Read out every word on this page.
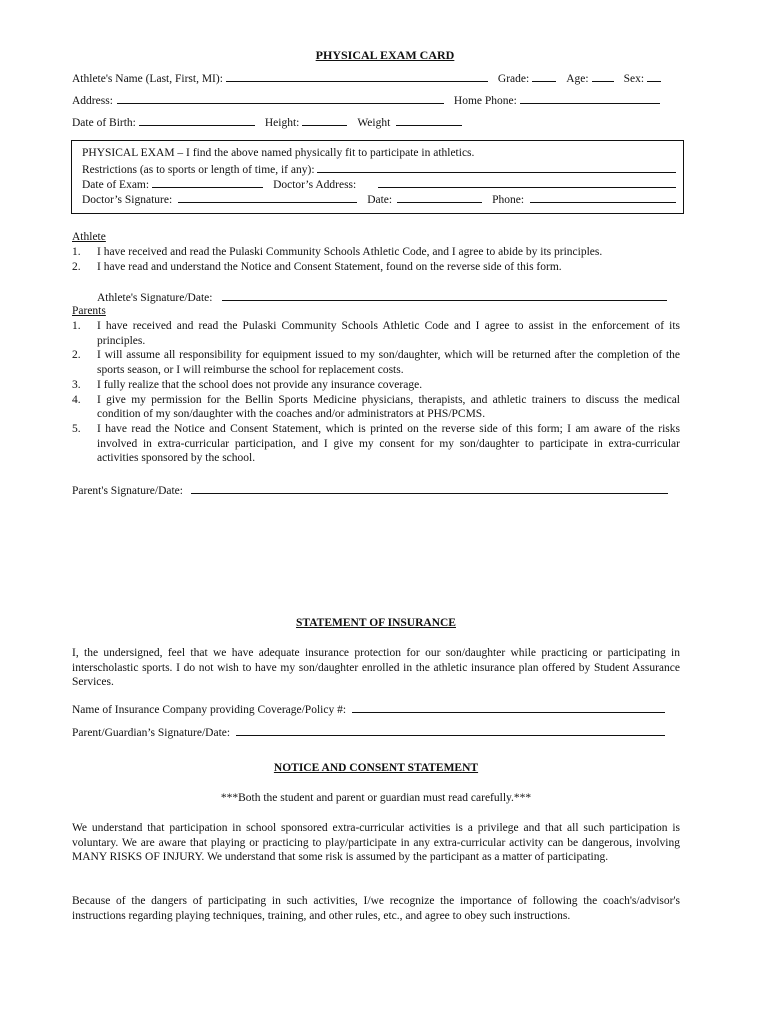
PHYSICAL EXAM CARD
Athlete's Name (Last, First, MI):	Grade:	Age:	Sex:
Address:	Home Phone:
Date of Birth:	Height:	Weight
PHYSICAL EXAM – I find the above named physically fit to participate in athletics.
Restrictions (as to sports or length of time, if any):
Date of Exam:	Doctor’s Address:
Doctor’s Signature:	Date:	Phone:
Athlete
1.	I have received and read the Pulaski Community Schools Athletic Code, and I agree to abide by its principles.
2.	I have read and understand the Notice and Consent Statement, found on the reverse side of this form.
Athlete's Signature/Date:
Parents
1.	I have received and read the Pulaski Community Schools Athletic Code and I agree to assist in the enforcement of its principles.
2.	I will assume all responsibility for equipment issued to my son/daughter, which will be returned after the completion of the sports season, or I will reimburse the school for replacement costs.
3.	I fully realize that the school does not provide any insurance coverage.
4.	I give my permission for the Bellin Sports Medicine physicians, therapists, and athletic trainers to discuss the medical condition of my son/daughter with the coaches and/or administrators at PHS/PCMS.
5.	I have read the Notice and Consent Statement, which is printed on the reverse side of this form; I am aware of the risks involved in extra-curricular participation, and I give my consent for my son/daughter to participate in extra-curricular activities sponsored by the school.
Parent's Signature/Date:
STATEMENT OF INSURANCE
I, the undersigned, feel that we have adequate insurance protection for our son/daughter while practicing or participating in interscholastic sports. I do not wish to have my son/daughter enrolled in the athletic insurance plan offered by Student Assurance Services.
Name of Insurance Company providing Coverage/Policy #:
Parent/Guardian’s Signature/Date:
NOTICE AND CONSENT STATEMENT
***Both the student and parent or guardian must read carefully.***
We understand that participation in school sponsored extra-curricular activities is a privilege and that all such participation is voluntary. We are aware that playing or practicing to play/participate in any extra-curricular activity can be dangerous, involving MANY RISKS OF INJURY. We understand that some risk is assumed by the participant as a matter of participating.
Because of the dangers of participating in such activities, I/we recognize the importance of following the coach's/advisor's instructions regarding playing techniques, training, and other rules, etc., and agree to obey such instructions.
